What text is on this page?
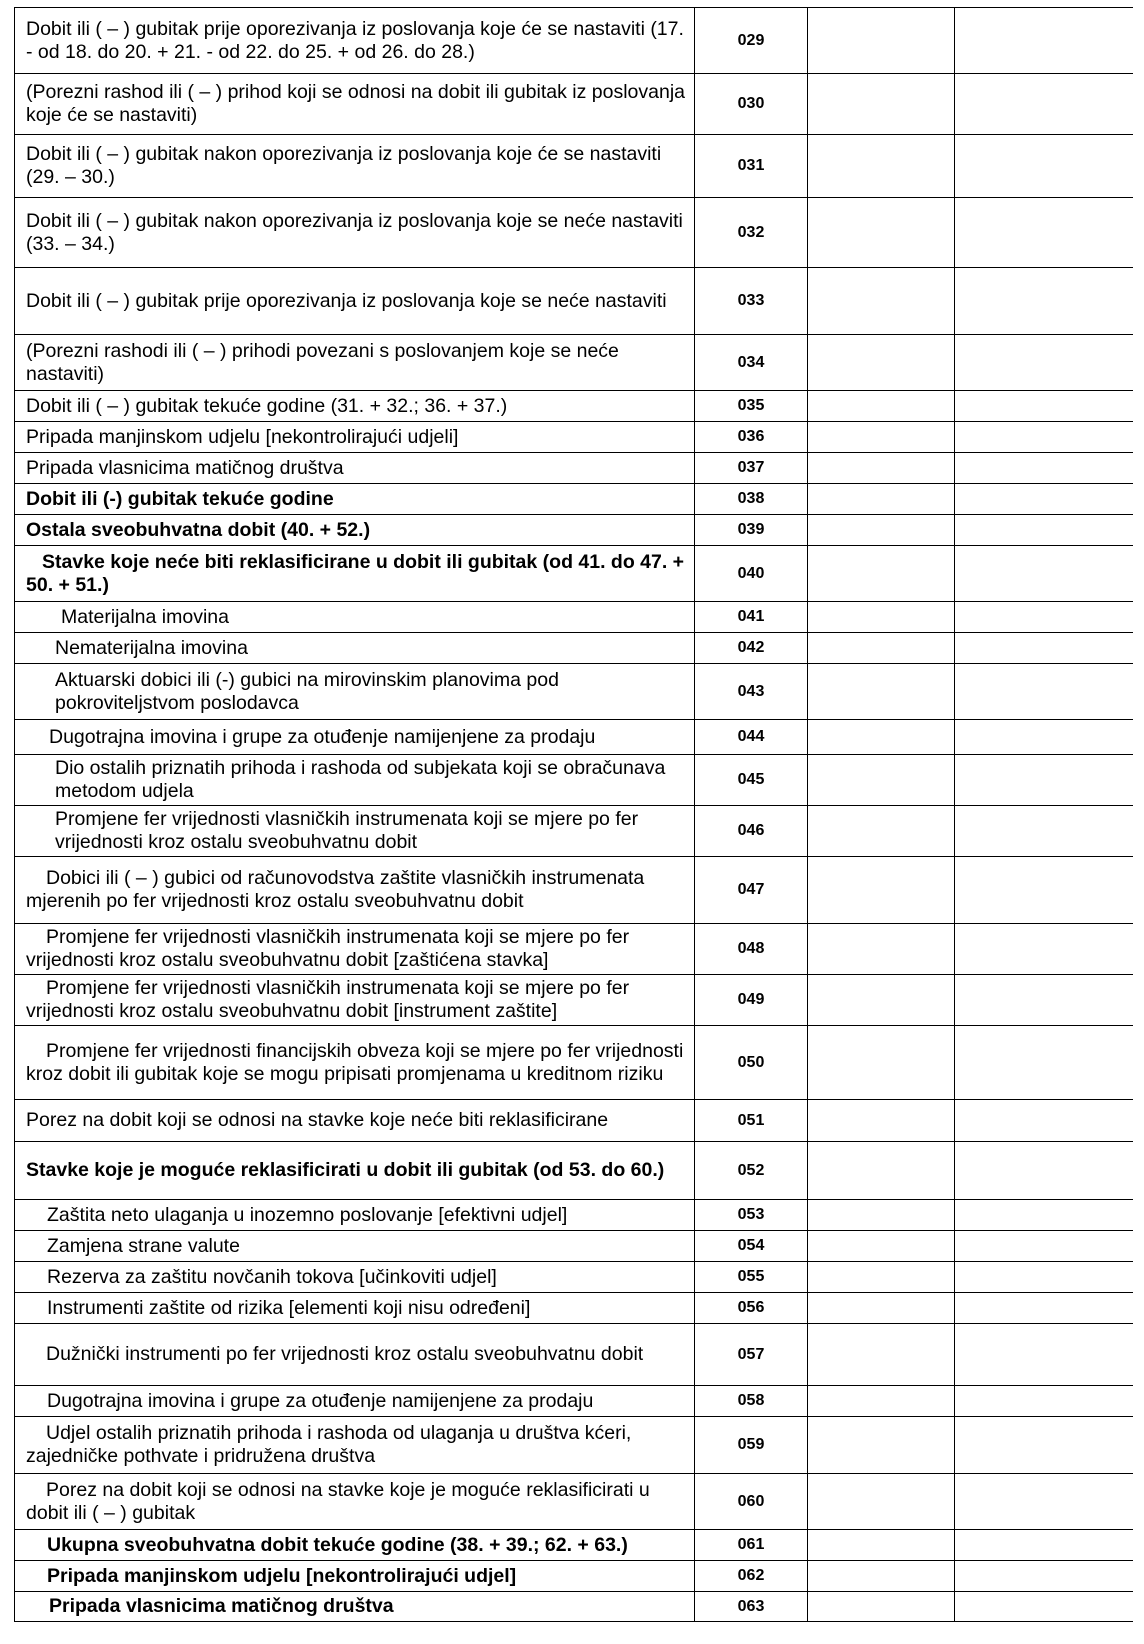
Dobit ili ( – ) gubitak prije oporezivanja iz poslovanja koje će se nastaviti (17. - od 18. do 20. + 21. - od 22. do 25. + od 26. do 28.)	029		
(Porezni rashod ili ( – ) prihod koji se odnosi na dobit ili gubitak iz poslovanja koje će se nastaviti)	030		
Dobit ili ( – ) gubitak nakon oporezivanja iz poslovanja koje će se nastaviti (29. – 30.)	031		
Dobit ili ( – ) gubitak nakon oporezivanja iz poslovanja koje se neće nastaviti (33. – 34.)	032		
Dobit ili ( – ) gubitak prije oporezivanja iz poslovanja koje se neće nastaviti	033		
(Porezni rashodi ili ( – ) prihodi povezani s poslovanjem koje se neće nastaviti)	034		
Dobit ili ( – ) gubitak tekuće godine (31. + 32.; 36. + 37.)	035		
Pripada manjinskom udjelu [nekontrolirajući udjeli]	036		
Pripada vlasnicima matičnog društva	037		
Dobit ili (-) gubitak tekuće godine	038		
Ostala sveobuhvatna dobit (40. + 52.)	039		
Stavke koje neće biti reklasificirane u dobit ili gubitak (od 41. do 47. + 50. + 51.)	040		
Materijalna imovina	041		
Nematerijalna imovina	042		
Aktuarski dobici ili (-) gubici na mirovinskim planovima pod pokroviteljstvom poslodavca	043		
Dugotrajna imovina i grupe za otuđenje namijenjene za prodaju	044		
Dio ostalih priznatih prihoda i rashoda od subjekata koji se obračunava metodom udjela	045		
Promjene fer vrijednosti vlasničkih instrumenata koji se mjere po fer vrijednosti kroz ostalu sveobuhvatnu dobit	046		
Dobici ili ( – ) gubici od računovodstva zaštite vlasničkih instrumenata mjerenih po fer vrijednosti kroz ostalu sveobuhvatnu dobit	047		
Promjene fer vrijednosti vlasničkih instrumenata koji se mjere po fer vrijednosti kroz ostalu sveobuhvatnu dobit [zaštićena stavka]	048		
Promjene fer vrijednosti vlasničkih instrumenata koji se mjere po fer vrijednosti kroz ostalu sveobuhvatnu dobit [instrument zaštite]	049		
Promjene fer vrijednosti financijskih obveza koji se mjere po fer vrijednosti kroz dobit ili gubitak koje se mogu pripisati promjenama u kreditnom riziku	050		
Porez na dobit koji se odnosi na stavke koje neće biti reklasificirane	051		
Stavke koje je moguće reklasificirati u dobit ili gubitak (od 53. do 60.)	052		
Zaštita neto ulaganja u inozemno poslovanje [efektivni udjel]	053		
Zamjena strane valute	054		
Rezerva za zaštitu novčanih tokova [učinkoviti udjel]	055		
Instrumenti zaštite od rizika [elementi koji nisu određeni]	056		
Dužnički instrumenti po fer vrijednosti kroz ostalu sveobuhvatnu dobit	057		
Dugotrajna imovina i grupe za otuđenje namijenjene za prodaju	058		
Udjel ostalih priznatih prihoda i rashoda od ulaganja u društva kćeri, zajedničke pothvate i pridružena društva	059		
Porez na dobit koji se odnosi na stavke koje je moguće reklasificirati u dobit ili ( – ) gubitak	060		
Ukupna sveobuhvatna dobit tekuće godine (38. + 39.; 62. + 63.)	061		
Pripada manjinskom udjelu [nekontrolirajući udjel]	062		
Pripada vlasnicima matičnog društva	063		
